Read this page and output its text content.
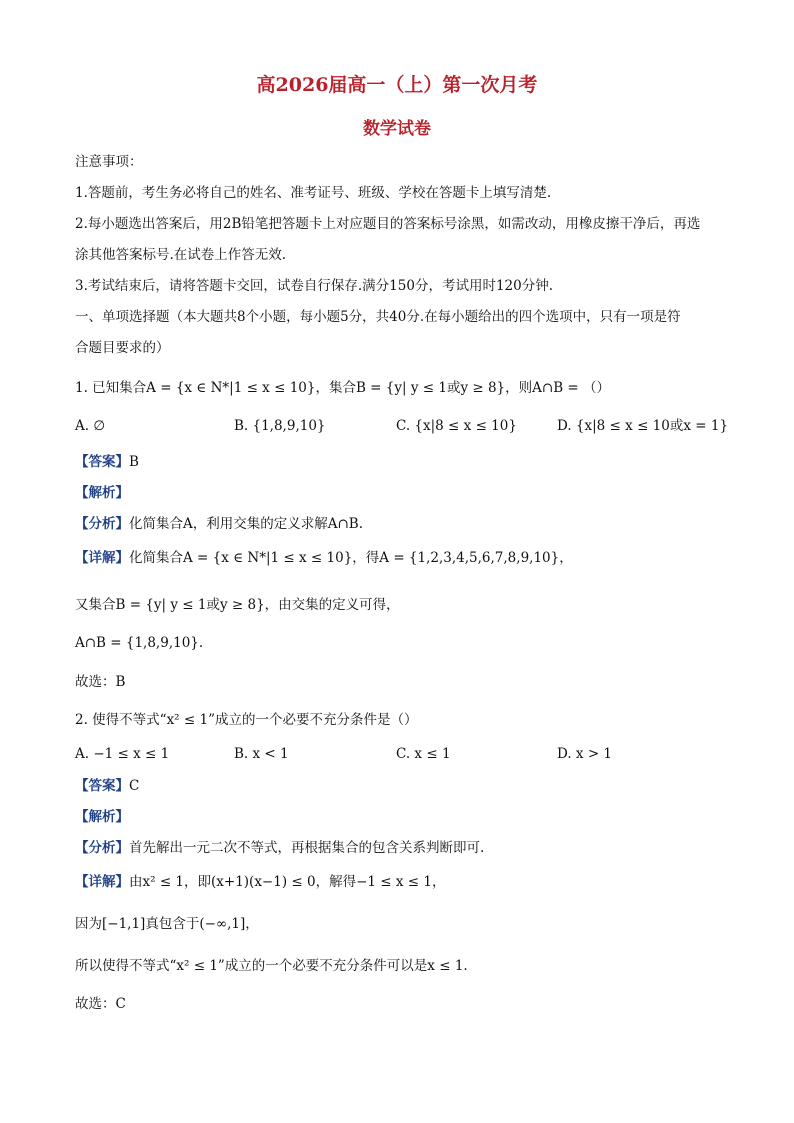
高2026届高一（上）第一次月考
数学试卷
注意事项：
1.答题前，考生务必将自己的姓名、准考证号、班级、学校在答题卡上填写清楚.
2.每小题选出答案后，用2B铅笔把答题卡上对应题目的答案标号涂黑，如需改动，用橡皮擦干净后，再选
涂其他答案标号.在试卷上作答无效.
3.考试结束后，请将答题卡交回，试卷自行保存.满分150分，考试用时120分钟.
一、单项选择题（本大题共8个小题，每小题5分，共40分.在每小题给出的四个选项中，只有一项是符
合题目要求的）
1. 已知集合A = {x ∈ N*|1 ≤ x ≤ 10}，集合B = {y| y ≤ 1或y ≥ 8}，则A∩B = （）
A. ∅	B. {1,8,9,10}	C. {x|8 ≤ x ≤ 10}	D. {x|8 ≤ x ≤ 10或x = 1}
【答案】B
【解析】
【分析】化简集合A，利用交集的定义求解A∩B.
【详解】化简集合A = {x ∈ N*|1 ≤ x ≤ 10}，得A = {1,2,3,4,5,6,7,8,9,10}，
又集合B = {y| y ≤ 1或y ≥ 8}，由交集的定义可得，
A∩B = {1,8,9,10}.
故选：B
2. 使得不等式“x² ≤ 1”成立的一个必要不充分条件是（）
A. −1 ≤ x ≤ 1	B. x < 1	C. x ≤ 1	D. x > 1
【答案】C
【解析】
【分析】首先解出一元二次不等式，再根据集合的包含关系判断即可.
【详解】由x² ≤ 1，即(x+1)(x−1) ≤ 0，解得−1 ≤ x ≤ 1，
因为[−1,1]真包含于(−∞,1]，
所以使得不等式“x² ≤ 1”成立的一个必要不充分条件可以是x ≤ 1.
故选：C
